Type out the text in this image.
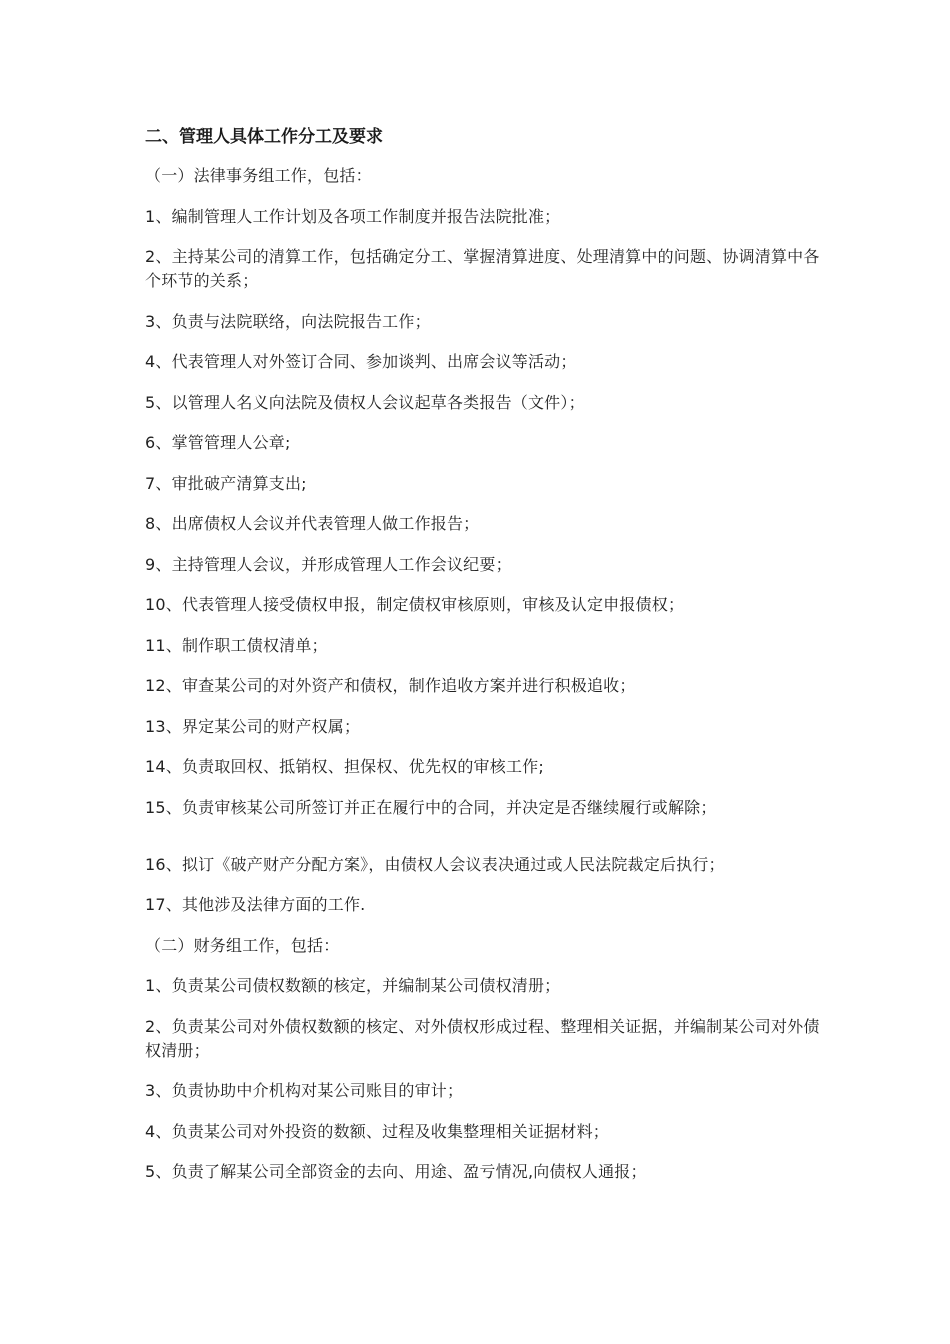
二、管理人具体工作分工及要求
（一）法律事务组工作，包括：
1、编制管理人工作计划及各项工作制度并报告法院批准；
2、主持某公司的清算工作，包括确定分工、掌握清算进度、处理清算中的问题、协调清算中各个环节的关系；
3、负责与法院联络，向法院报告工作；
4、代表管理人对外签订合同、参加谈判、出席会议等活动；
5、以管理人名义向法院及债权人会议起草各类报告（文件）；
6、掌管管理人公章;
7、审批破产清算支出;
8、出席债权人会议并代表管理人做工作报告；
9、主持管理人会议，并形成管理人工作会议纪要；
10、代表管理人接受债权申报，制定债权审核原则，审核及认定申报债权；
11、制作职工债权清单；
12、审查某公司的对外资产和债权，制作追收方案并进行积极追收；
13、界定某公司的财产权属；
14、负责取回权、抵销权、担保权、优先权的审核工作;
15、负责审核某公司所签订并正在履行中的合同，并决定是否继续履行或解除；
16、拟订《破产财产分配方案》，由债权人会议表决通过或人民法院裁定后执行；
17、其他涉及法律方面的工作.
（二）财务组工作，包括：
1、负责某公司债权数额的核定，并编制某公司债权清册；
2、负责某公司对外债权数额的核定、对外债权形成过程、整理相关证据，并编制某公司对外债权清册；
3、负责协助中介机构对某公司账目的审计；
4、负责某公司对外投资的数额、过程及收集整理相关证据材料；
5、负责了解某公司全部资金的去向、用途、盈亏情况,向债权人通报；
